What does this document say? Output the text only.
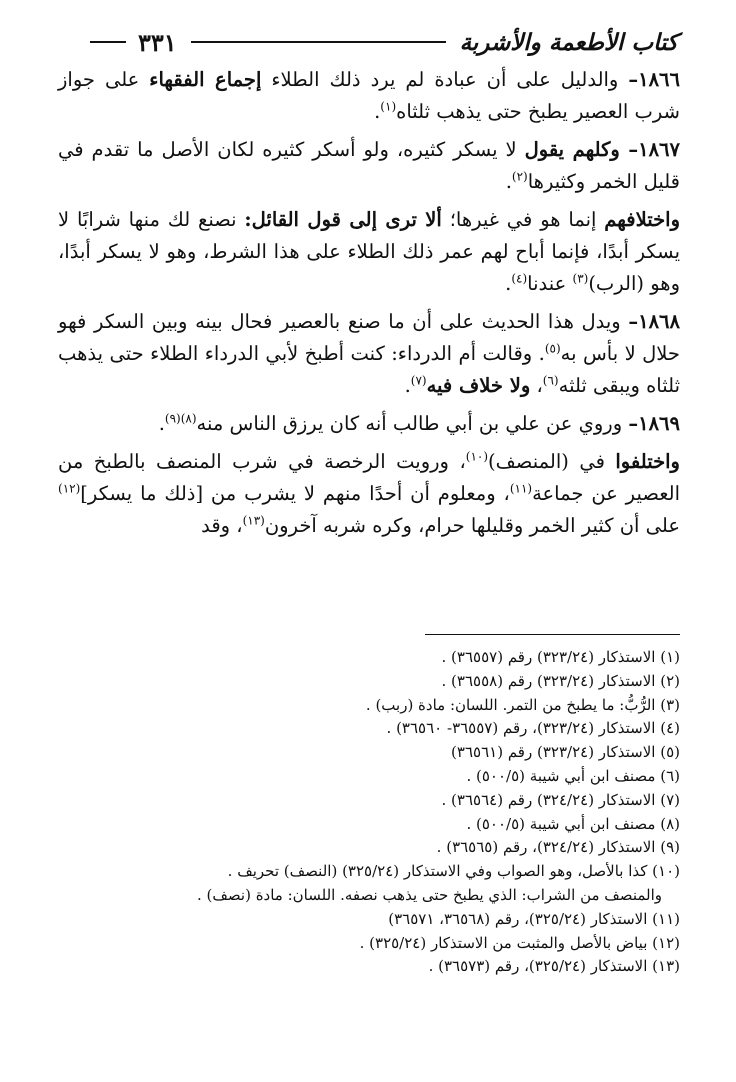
كتاب الأطعمة والأشربة
٣٣١

١٨٦٦– والدليل على أن عبادة لم يرد ذلك الطلاء إجماع الفقهاء على جواز شرب العصير يطبخ حتى يذهب ثلثاه$^{(١)}$.

١٨٦٧– وكلهم يقول لا يسكر كثيره، ولو أسكر كثيره لكان الأصل ما تقدم في قليل الخمر وكثيرها$^{(٢)}$.

واختلافهم إنما هو في غيرها؛ ألا ترى إلى قول القائل: نصنع لك منها شرابًا لا يسكر أبدًا، فإنما أباح لهم عمر ذلك الطلاء على هذا الشرط، وهو لا يسكر أبدًا، وهو (الرب)$^{(٣)}$ عندنا$^{(٤)}$.

١٨٦٨– ويدل هذا الحديث على أن ما صنع بالعصير فحال بينه وبين السكر فهو حلال لا بأس به$^{(٥)}$. وقالت أم الدرداء: كنت أطبخ لأبي الدرداء الطلاء حتى يذهب ثلثاه ويبقى ثلثه$^{(٦)}$، ولا خلاف فيه$^{(٧)}$.

١٨٦٩– وروي عن علي بن أبي طالب أنه كان يرزق الناس منه$^{(٨)(٩)}$.

واختلفوا في (المنصف)$^{(١٠)}$، ورويت الرخصة في شرب المنصف بالطبخ من العصير عن جماعة$^{(١١)}$، ومعلوم أن أحدًا منهم لا يشرب من [ذلك ما يسكر]$^{(١٢)}$ على أن كثير الخمر وقليلها حرام، وكره شربه آخرون$^{(١٣)}$، وقد

(١) الاستذكار (٣٢٣/٢٤) رقم (٣٦٥٥٧) .

(٢) الاستذكار (٣٢٣/٢٤) رقم (٣٦٥٥٨) .

(٣) الرُّبُّ: ما يطبخ من التمر. اللسان: مادة (ربب) .

(٤) الاستذكار (٣٢٣/٢٤)، رقم (٣٦٥٥٧- ٣٦٥٦٠) .

(٥) الاستذكار (٣٢٣/٢٤) رقم (٣٦٥٦١)

(٦) مصنف ابن أبي شيبة (٥٠٠/٥) .

(٧) الاستذكار (٣٢٤/٢٤) رقم (٣٦٥٦٤) .

(٨) مصنف ابن أبي شيبة (٥٠٠/٥) .

(٩) الاستذكار (٣٢٤/٢٤)، رقم (٣٦٥٦٥) .

(١٠) كذا بالأصل، وهو الصواب وفي الاستذكار (٣٢٥/٢٤) (النصف) تحريف .

والمنصف من الشراب: الذي يطبخ حتى يذهب نصفه. اللسان: مادة (نصف) .

(١١) الاستذكار (٣٢٥/٢٤)، رقم (٣٦٥٦٨، ٣٦٥٧١)

(١٢) بياض بالأصل والمثبت من الاستذكار (٣٢٥/٢٤) .

(١٣) الاستذكار (٣٢٥/٢٤)، رقم (٣٦٥٧٣) .
